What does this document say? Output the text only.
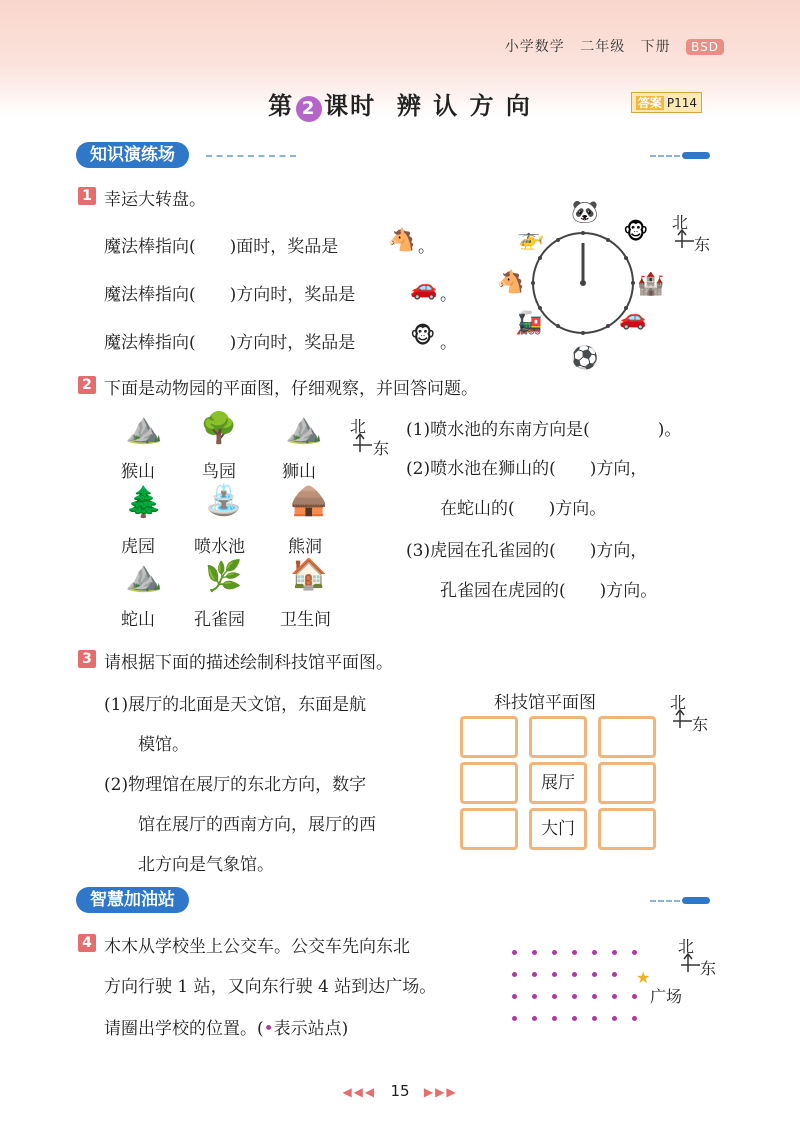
小学数学 二年级 下册 BSD
第 2 课时 辨 认 方 向	答案 P114
知识演练场
1 幸运大转盘。
魔法棒指向(　　)面时，奖品是 🐴 。
魔法棒指向(　　)方向时，奖品是 🚗 。
魔法棒指向(　　)方向时，奖品是 🐵 。
🐼
🐵
🏰
🚗
⚽
🚂
🐴
🚁
北
东
2 下面是动物园的平面图，仔细观察，并回答问题。
⛰️ 🌳 ⛰️
猴山	鸟园	狮山
🌲 ⛲ 🛖
虎园 喷水池	熊洞
⛰️ 🌿 🏠
蛇山 孔雀园 卫生间
北
东
(1)喷水池的东南方向是(　　　　)。
(2)喷水池在狮山的(　　)方向，
在蛇山的(　　)方向。
(3)虎园在孔雀园的(　　)方向，
孔雀园在虎园的(　　)方向。
3 请根据下面的描述绘制科技馆平面图。
(1)展厅的北面是天文馆，东面是航
模馆。
(2)物理馆在展厅的东北方向，数字
馆在展厅的西南方向，展厅的西
北方向是气象馆。
科技馆平面图
展厅
大门
北
东
智慧加油站
4 木木从学校坐上公交车。公交车先向东北
方向行驶 1 站，又向东行驶 4 站到达广场。
请圈出学校的位置。(•表示站点)
★
广场
北
东
◀◀◀ 15 ▶▶▶
